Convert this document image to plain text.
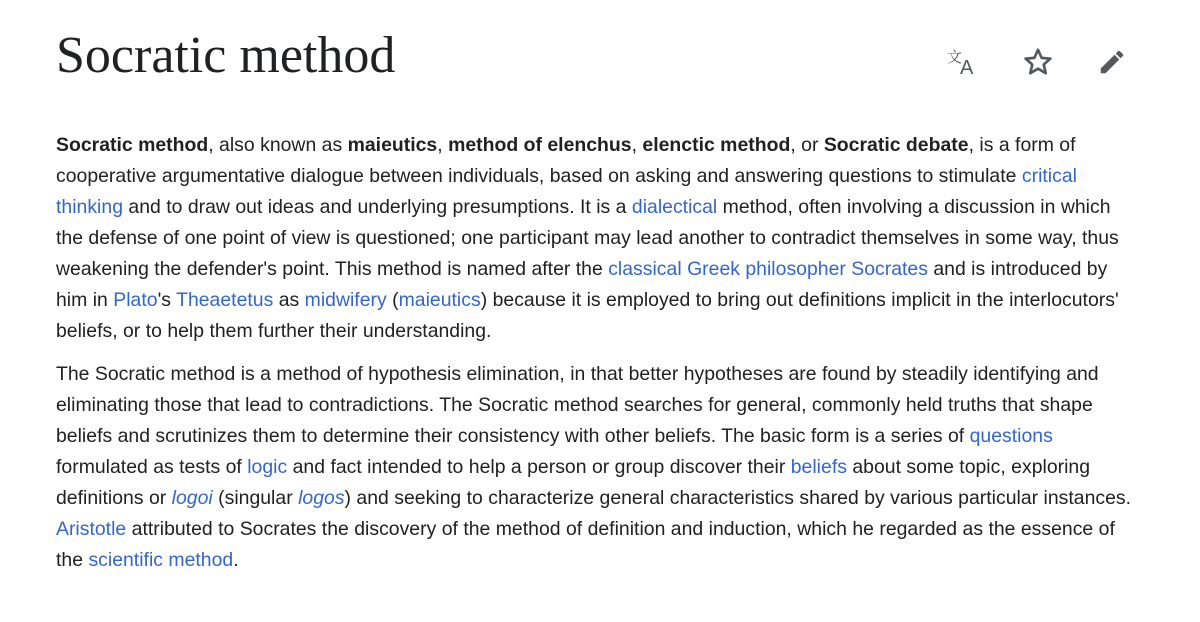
Socratic method	文
A

Socratic method, also known as maieutics, method of elenchus, elenctic method, or Socratic debate, is a form of cooperative argumentative dialogue between individuals, based on asking and answering questions to stimulate critical thinking and to draw out ideas and underlying presumptions. It is a dialectical method, often involving a discussion in which the defense of one point of view is questioned; one participant may lead another to contradict themselves in some way, thus weakening the defender's point. This method is named after the classical Greek philosopher Socrates and is introduced by him in Plato's Theaetetus as midwifery (maieutics) because it is employed to bring out definitions implicit in the interlocutors' beliefs, or to help them further their understanding.

The Socratic method is a method of hypothesis elimination, in that better hypotheses are found by steadily identifying and eliminating those that lead to contradictions. The Socratic method searches for general, commonly held truths that shape beliefs and scrutinizes them to determine their consistency with other beliefs. The basic form is a series of questions formulated as tests of logic and fact intended to help a person or group discover their beliefs about some topic, exploring definitions or logoi (singular logos) and seeking to characterize general characteristics shared by various particular instances. Aristotle attributed to Socrates the discovery of the method of definition and induction, which he regarded as the essence of the scientific method.
